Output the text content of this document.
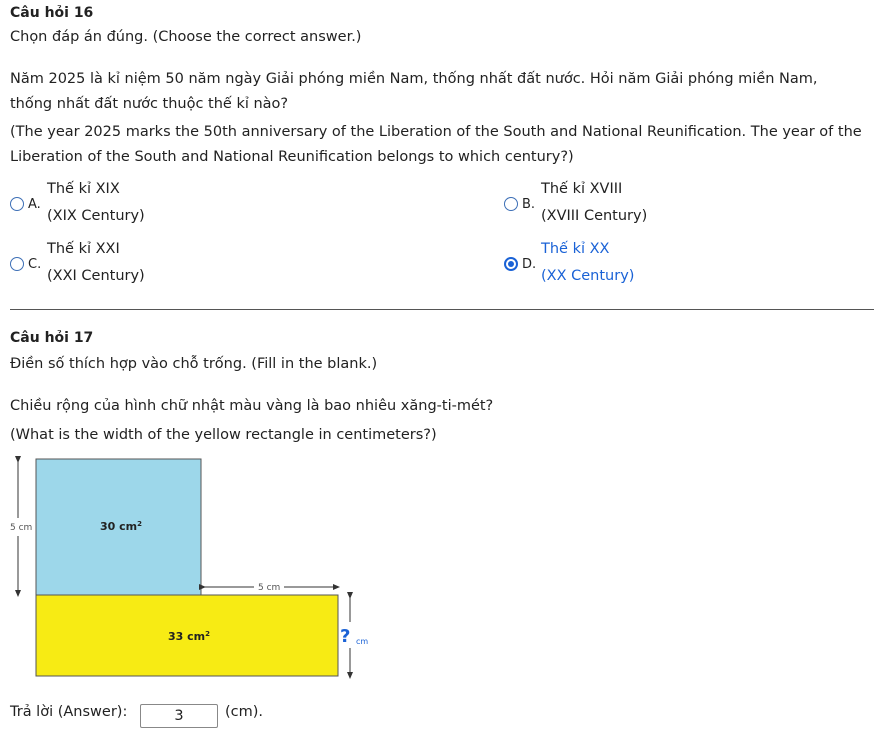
Câu hỏi 16
Chọn đáp án đúng. (Choose the correct answer.)
Năm 2025 là kỉ niệm 50 năm ngày Giải phóng miền Nam, thống nhất đất nước. Hỏi năm Giải phóng miền Nam,
thống nhất đất nước thuộc thế kỉ nào?
(The year 2025 marks the 50th anniversary of the Liberation of the South and National Reunification. The year of the
Liberation of the South and National Reunification belongs to which century?)
A.
Thế kỉ XIX
(XIX Century)
B.
Thế kỉ XVIII
(XVIII Century)
C.
Thế kỉ XXI
(XXI Century)
D.
Thế kỉ XX
(XX Century)
Câu hỏi 17
Điền số thích hợp vào chỗ trống. (Fill in the blank.)
Chiều rộng của hình chữ nhật màu vàng là bao nhiêu xăng-ti-mét?
(What is the width of the yellow rectangle in centimeters?)
5 cm
5 cm
? cm
30 $cm^2$
33 $cm^2$
Trả lời (Answer):	3	(cm).
